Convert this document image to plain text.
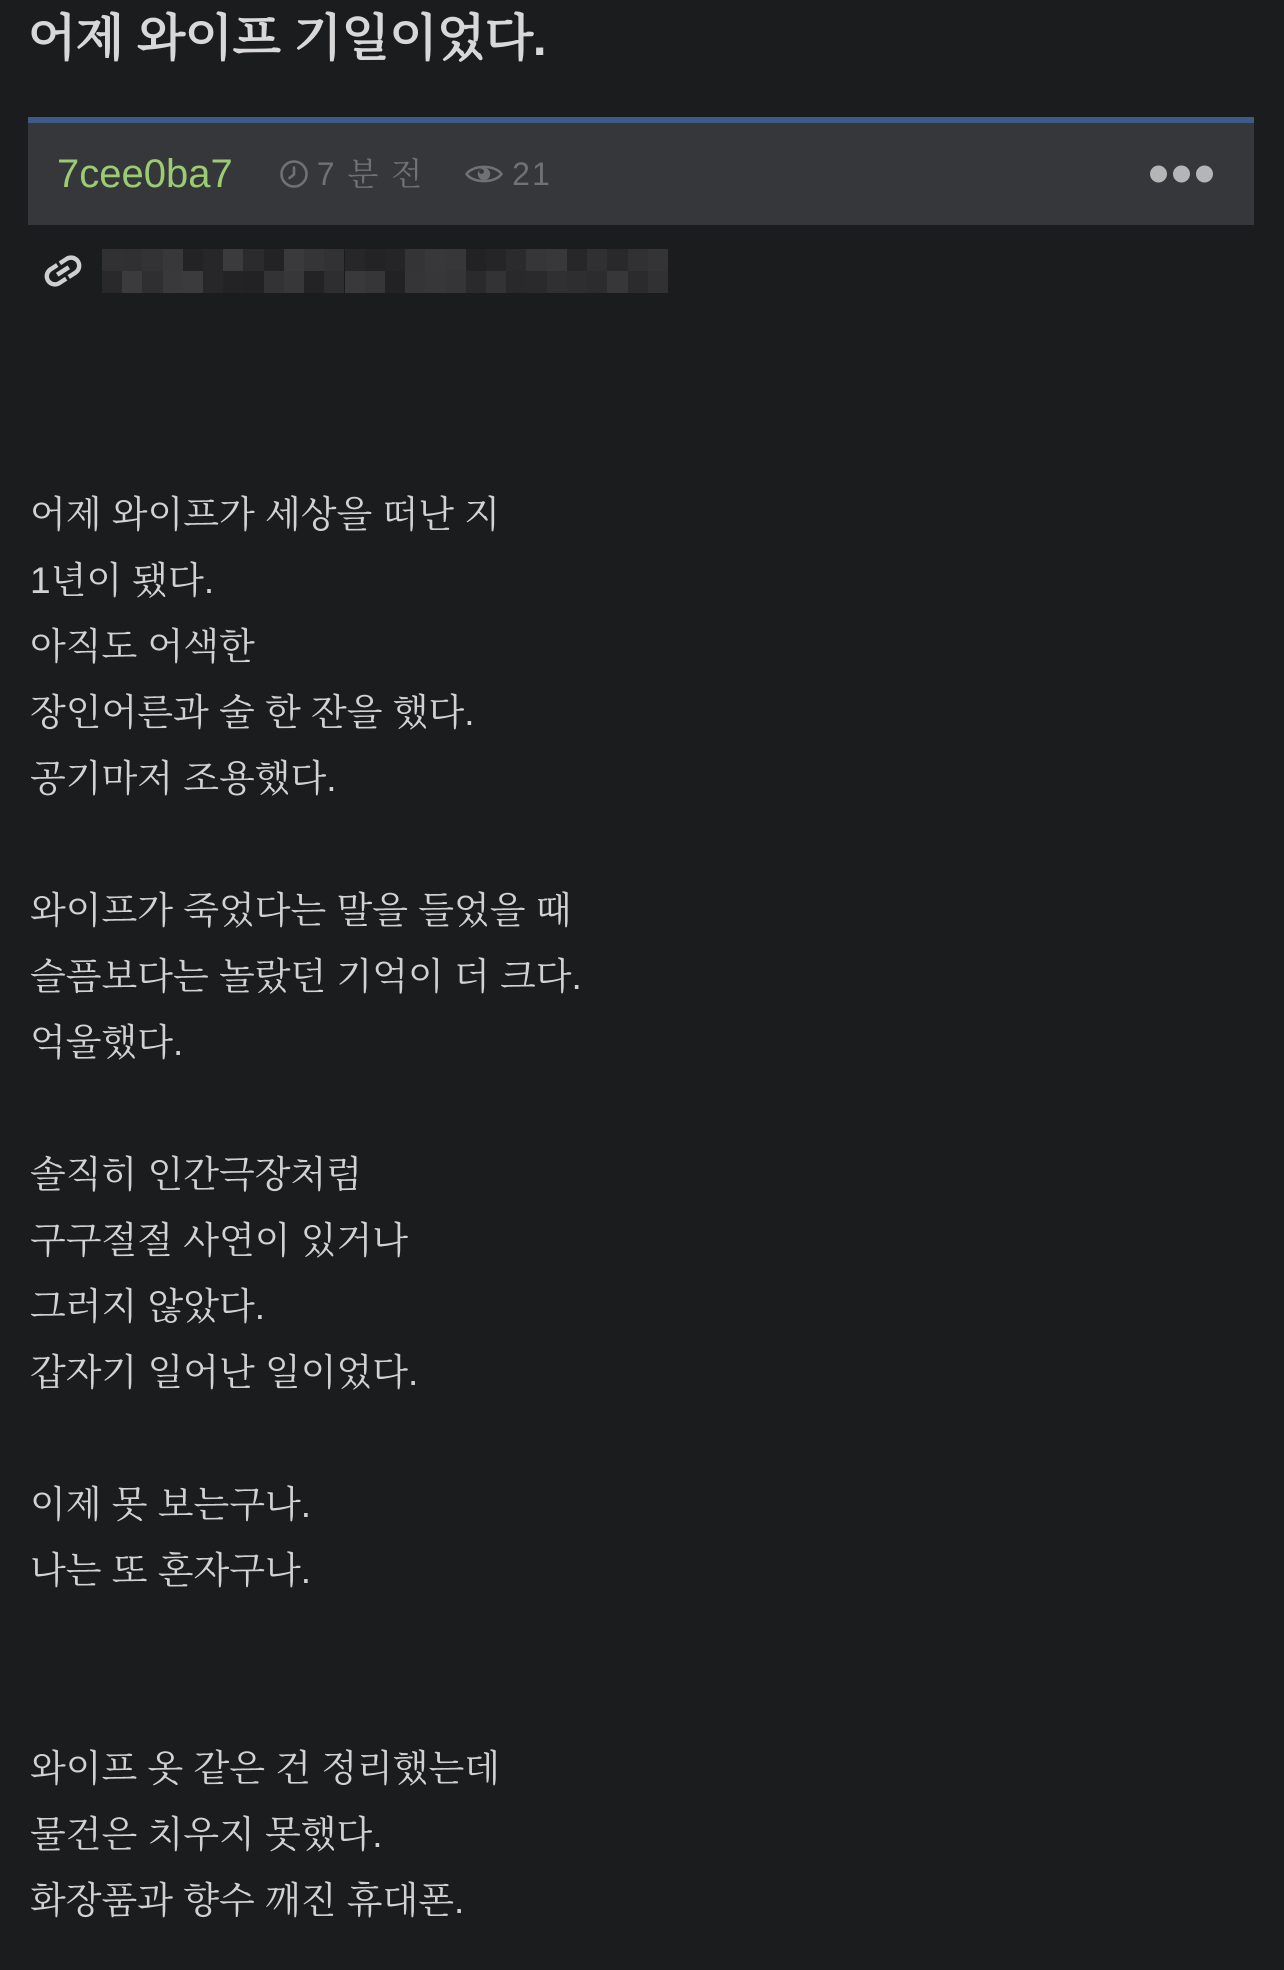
어제 와이프 기일이었다.
7cee0ba7	7 분 전	21
어제 와이프가 세상을 떠난 지
1년이 됐다.
아직도 어색한
장인어른과 술 한 잔을 했다.
공기마저 조용했다.

와이프가 죽었다는 말을 들었을 때
슬픔보다는 놀랐던 기억이 더 크다.
억울했다.

솔직히 인간극장처럼
구구절절 사연이 있거나
그러지 않았다.
갑자기 일어난 일이었다.

이제 못 보는구나.
나는 또 혼자구나.

와이프 옷 같은 건 정리했는데
물건은 치우지 못했다.
화장품과 향수 깨진 휴대폰.
